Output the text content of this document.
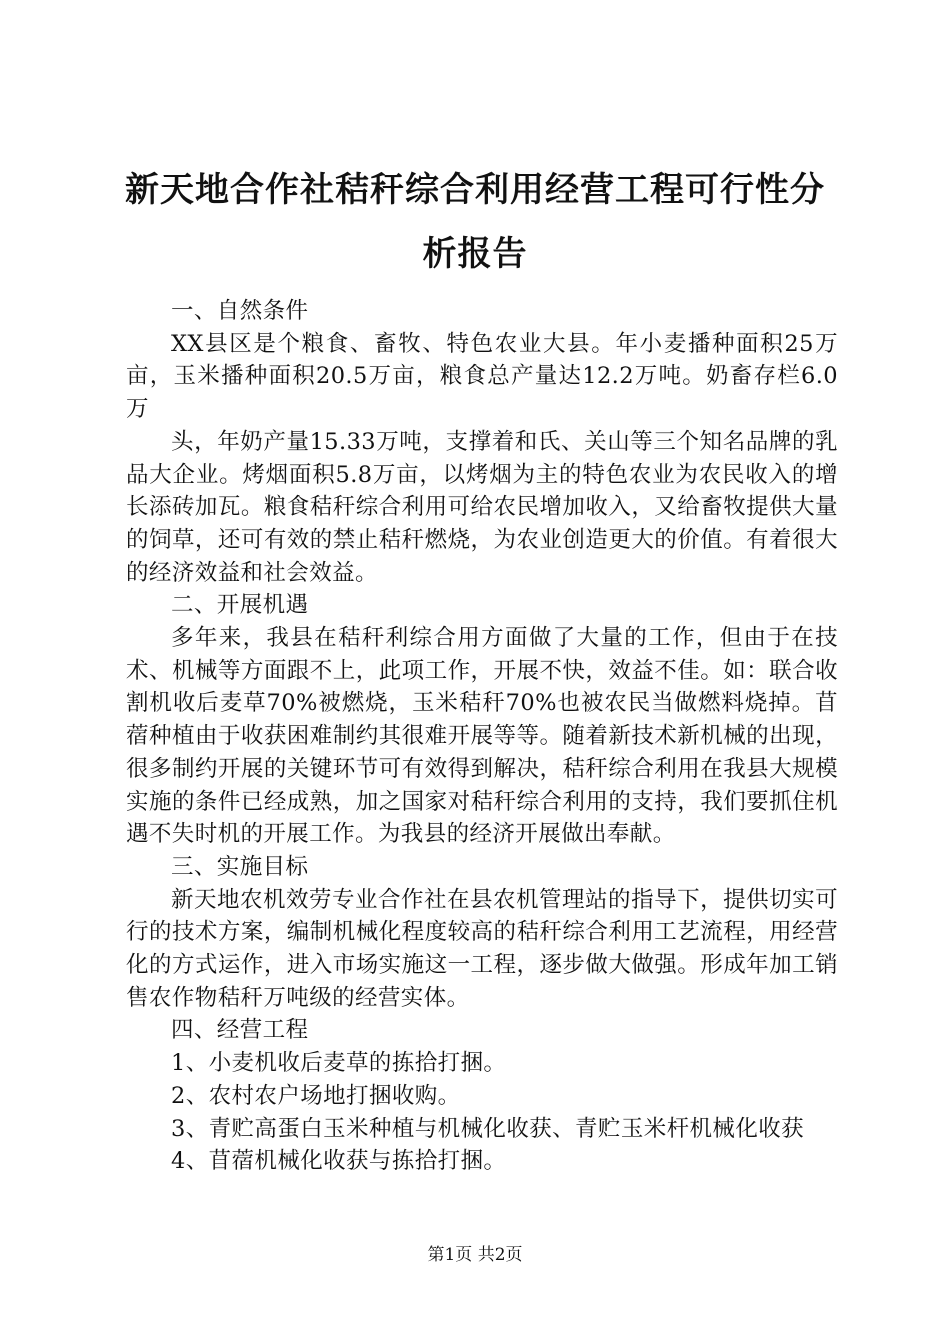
新天地合作社秸秆综合利用经营工程可行性分析报告

一、自然条件

XX县区是个粮食、畜牧、特色农业大县。年小麦播种面积25万亩，玉米播种面积20.5万亩，粮食总产量达12.2万吨。奶畜存栏6.0万

头，年奶产量15.33万吨，支撑着和氏、关山等三个知名品牌的乳品大企业。烤烟面积5.8万亩，以烤烟为主的特色农业为农民收入的增长添砖加瓦。粮食秸秆综合利用可给农民增加收入，又给畜牧提供大量的饲草，还可有效的禁止秸秆燃烧，为农业创造更大的价值。有着很大的经济效益和社会效益。

二、开展机遇

多年来，我县在秸秆利综合用方面做了大量的工作，但由于在技术、机械等方面跟不上，此项工作，开展不快，效益不佳。如：联合收割机收后麦草70%被燃烧，玉米秸秆70%也被农民当做燃料烧掉。苜蓿种植由于收获困难制约其很难开展等等。随着新技术新机械的出现，很多制约开展的关键环节可有效得到解决，秸秆综合利用在我县大规模实施的条件已经成熟，加之国家对秸秆综合利用的支持，我们要抓住机遇不失时机的开展工作。为我县的经济开展做出奉献。

三、实施目标

新天地农机效劳专业合作社在县农机管理站的指导下，提供切实可行的技术方案，编制机械化程度较高的秸秆综合利用工艺流程，用经营化的方式运作，进入市场实施这一工程，逐步做大做强。形成年加工销售农作物秸秆万吨级的经营实体。

四、经营工程

1、小麦机收后麦草的拣拾打捆。

2、农村农户场地打捆收购。

3、青贮高蛋白玉米种植与机械化收获、青贮玉米杆机械化收获

4、苜蓿机械化收获与拣拾打捆。

第1页 共2页
